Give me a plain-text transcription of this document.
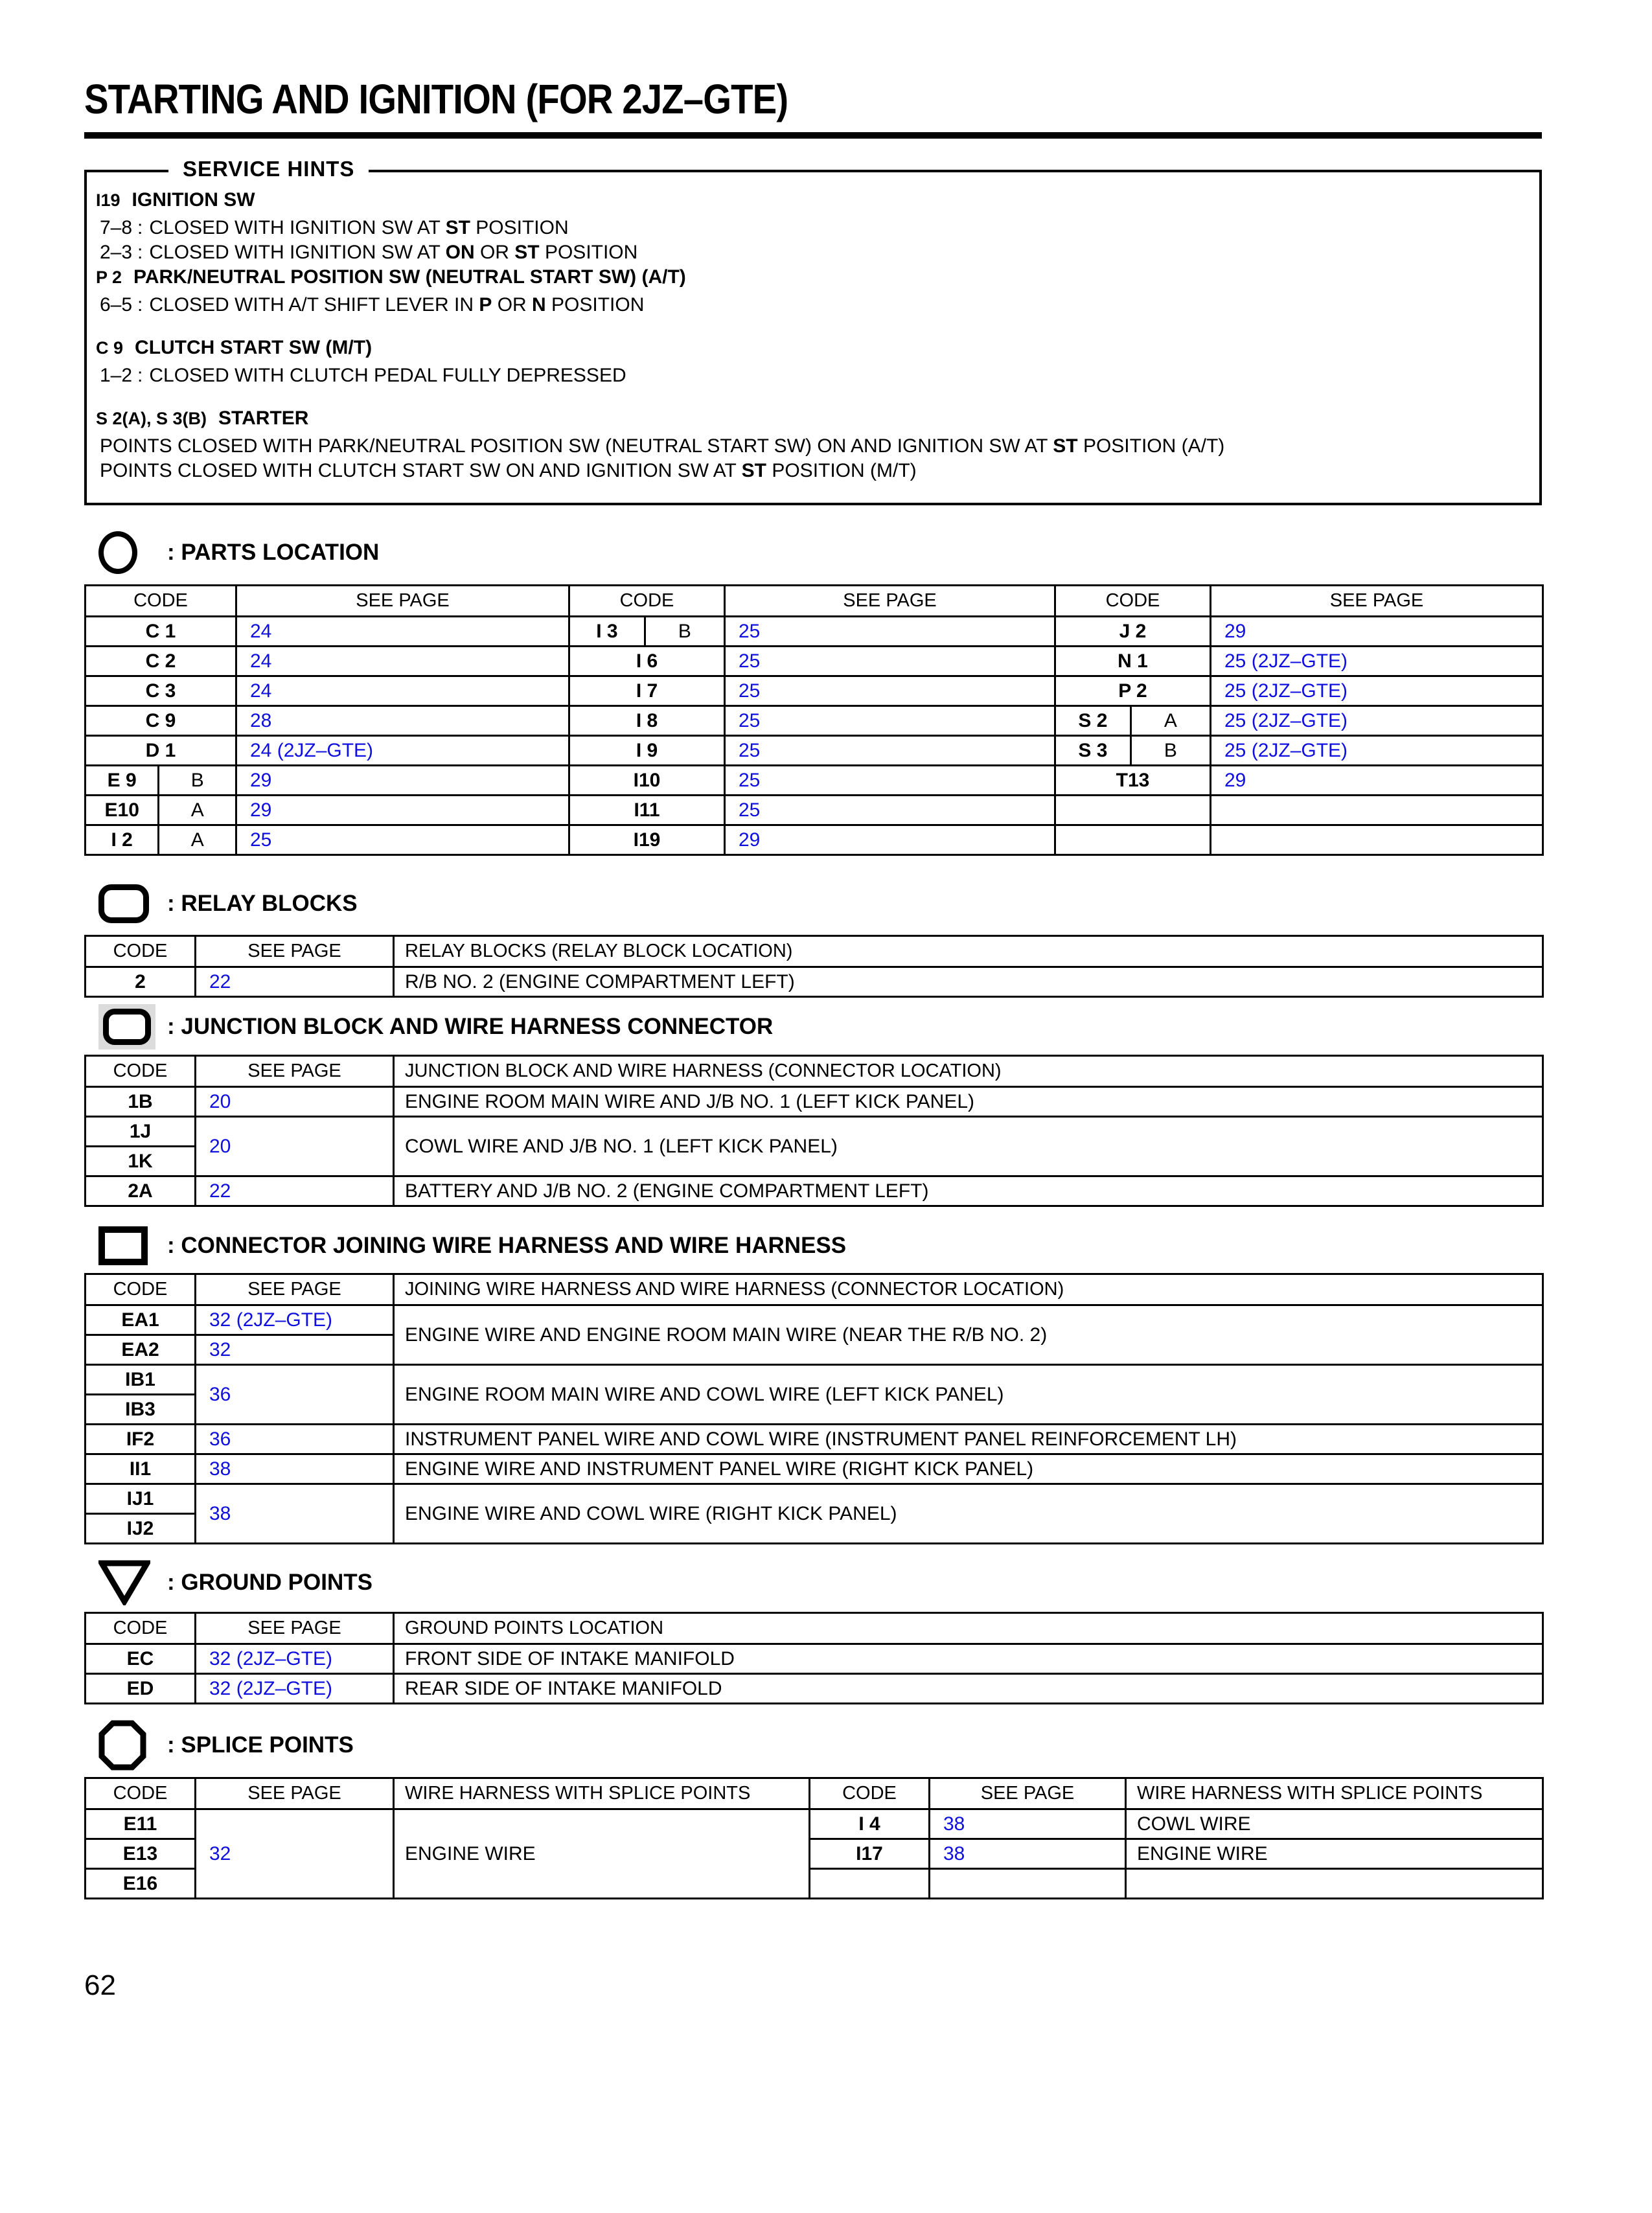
STARTING AND IGNITION (FOR 2JZ–GTE)
SERVICE HINTS
I19 IGNITION SW
7–8 : CLOSED WITH IGNITION SW AT ST POSITION
2–3 : CLOSED WITH IGNITION SW AT ON OR ST POSITION
P 2 PARK/NEUTRAL POSITION SW (NEUTRAL START SW) (A/T)
6–5 : CLOSED WITH A/T SHIFT LEVER IN P OR N POSITION
C 9 CLUTCH START SW (M/T)
1–2 : CLOSED WITH CLUTCH PEDAL FULLY DEPRESSED
S 2(A), S 3(B) STARTER
POINTS CLOSED WITH PARK/NEUTRAL POSITION SW (NEUTRAL START SW) ON AND IGNITION SW AT ST POSITION (A/T)
POINTS CLOSED WITH CLUTCH START SW ON AND IGNITION SW AT ST POSITION (M/T)
: PARTS LOCATION
CODE	SEE PAGE	CODE	SEE PAGE	CODE	SEE PAGE
C 1	24	I 3 B	25	J 2	29
C 2	24	I 6	25	N 1	25 (2JZ–GTE)
C 3	24	I 7	25	P 2	25 (2JZ–GTE)
C 9	28	I 8	25	S 2 A	25 (2JZ–GTE)
D 1	24 (2JZ–GTE)	I 9	25	S 3 B	25 (2JZ–GTE)

E 9 B	29	I10	25	T13	29

E10 A	29	I11	25		

I 2 A	25	I19	29		
: RELAY BLOCKS
CODE	SEE PAGE	RELAY BLOCKS (RELAY BLOCK LOCATION)
2	22	R/B NO. 2 (ENGINE COMPARTMENT LEFT)
: JUNCTION BLOCK AND WIRE HARNESS CONNECTOR
CODE	SEE PAGE	JUNCTION BLOCK AND WIRE HARNESS (CONNECTOR LOCATION)
1B	20	ENGINE ROOM MAIN WIRE AND J/B NO. 1 (LEFT KICK PANEL)
1J	20	COWL WIRE AND J/B NO. 1 (LEFT KICK PANEL)
1K		
2A	22	BATTERY AND J/B NO. 2 (ENGINE COMPARTMENT LEFT)
: CONNECTOR JOINING WIRE HARNESS AND WIRE HARNESS
CODE	SEE PAGE	JOINING WIRE HARNESS AND WIRE HARNESS (CONNECTOR LOCATION)
EA1	32 (2JZ–GTE)	ENGINE WIRE AND ENGINE ROOM MAIN WIRE (NEAR THE R/B NO. 2)
EA2	32	
IB1	36	ENGINE ROOM MAIN WIRE AND COWL WIRE (LEFT KICK PANEL)
IB3		
IF2	36	INSTRUMENT PANEL WIRE AND COWL WIRE (INSTRUMENT PANEL REINFORCEMENT LH)
II1	38	ENGINE WIRE AND INSTRUMENT PANEL WIRE (RIGHT KICK PANEL)
IJ1	38	ENGINE WIRE AND COWL WIRE (RIGHT KICK PANEL)
IJ2		
: GROUND POINTS
CODE	SEE PAGE	GROUND POINTS LOCATION
EC	32 (2JZ–GTE)	FRONT SIDE OF INTAKE MANIFOLD
ED	32 (2JZ–GTE)	REAR SIDE OF INTAKE MANIFOLD
: SPLICE POINTS
CODE	SEE PAGE	WIRE HARNESS WITH SPLICE POINTS
E11	32	ENGINE WIRE
E13		
E16		
CODE	SEE PAGE	WIRE HARNESS WITH SPLICE POINTS
I 4	38	COWL WIRE
I17	38	ENGINE WIRE

62
